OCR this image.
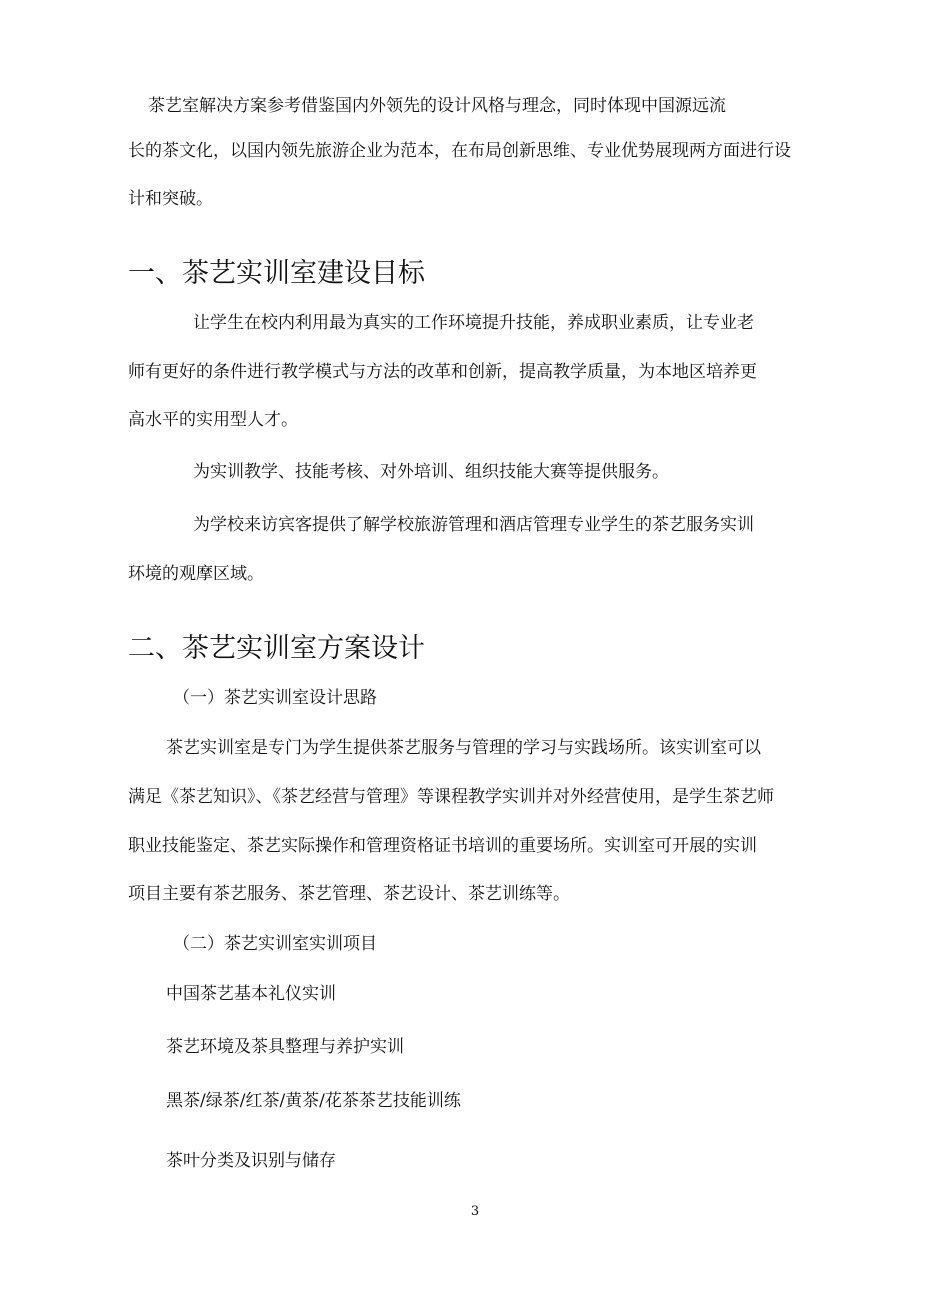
茶艺室解决方案参考借鉴国内外领先的设计风格与理念，同时体现中国源远流
长的茶文化，以国内领先旅游企业为范本，在布局创新思维、专业优势展现两方面进行设
计和突破。
一、茶艺实训室建设目标
让学生在校内利用最为真实的工作环境提升技能，养成职业素质，让专业老
师有更好的条件进行教学模式与方法的改革和创新，提高教学质量，为本地区培养更
高水平的实用型人才。
为实训教学、技能考核、对外培训、组织技能大赛等提供服务。
为学校来访宾客提供了解学校旅游管理和酒店管理专业学生的茶艺服务实训
环境的观摩区域。
二、茶艺实训室方案设计
（一）茶艺实训室设计思路
茶艺实训室是专门为学生提供茶艺服务与管理的学习与实践场所。该实训室可以
满足《茶艺知识》、《茶艺经营与管理》等课程教学实训并对外经营使用，是学生茶艺师
职业技能鉴定、茶艺实际操作和管理资格证书培训的重要场所。实训室可开展的实训
项目主要有茶艺服务、茶艺管理、茶艺设计、茶艺训练等。
（二）茶艺实训室实训项目
中国茶艺基本礼仪实训
茶艺环境及茶具整理与养护实训
黑茶/绿茶/红茶/黄茶/花茶茶艺技能训练
茶叶分类及识别与储存
3
